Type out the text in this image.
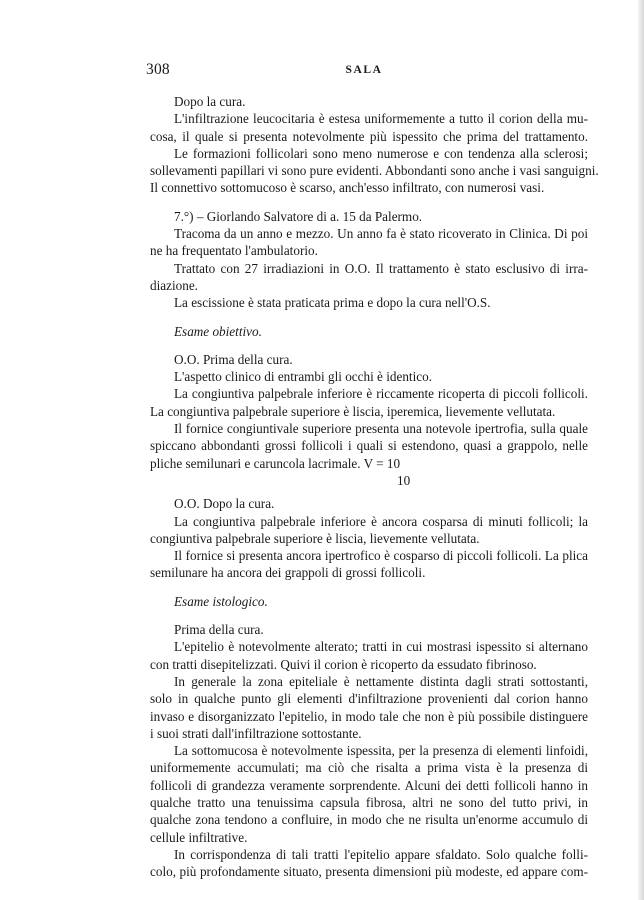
308	SALA
Dopo la cura.
L'infiltrazione leucocitaria è estesa uniformemente a tutto il corion della mu-
cosa, il quale si presenta notevolmente più ispessito che prima del trattamento.
Le formazioni follicolari sono meno numerose e con tendenza alla sclerosi;
sollevamenti papillari vi sono pure evidenti. Abbondanti sono anche i vasi sanguigni.
Il connettivo sottomucoso è scarso, anch'esso infiltrato, con numerosi vasi.
7.°) – Giorlando Salvatore di a. 15 da Palermo.
Tracoma da un anno e mezzo. Un anno fa è stato ricoverato in Clinica. Di poi
ne ha frequentato l'ambulatorio.
Trattato con 27 irradiazioni in O.O. Il trattamento è stato esclusivo di irra-
diazione.
La escissione è stata praticata prima e dopo la cura nell'O.S.
Esame obiettivo.
O.O. Prima della cura.
L'aspetto clinico di entrambi gli occhi è identico.
La congiuntiva palpebrale inferiore è riccamente ricoperta di piccoli follicoli.
La congiuntiva palpebrale superiore è liscia, iperemica, lievemente vellutata.
Il fornice congiuntivale superiore presenta una notevole ipertrofia, sulla quale
spiccano abbondanti grossi follicoli i quali si estendono, quasi a grappolo, nelle
pliche semilunari e caruncola lacrimale. V = 10
10
O.O. Dopo la cura.
La congiuntiva palpebrale inferiore è ancora cosparsa di minuti follicoli; la
congiuntiva palpebrale superiore è liscia, lievemente vellutata.
Il fornice si presenta ancora ipertrofico è cosparso di piccoli follicoli. La plica
semilunare ha ancora dei grappoli di grossi follicoli.
Esame istologico.
Prima della cura.
L'epitelio è notevolmente alterato; tratti in cui mostrasi ispessito si alternano
con tratti disepitelizzati. Quivi il corion è ricoperto da essudato fibrinoso.
In generale la zona epiteliale è nettamente distinta dagli strati sottostanti,
solo in qualche punto gli elementi d'infiltrazione provenienti dal corion hanno
invaso e disorganizzato l'epitelio, in modo tale che non è più possibile distinguere
i suoi strati dall'infiltrazione sottostante.
La sottomucosa è notevolmente ispessita, per la presenza di elementi linfoidi,
uniformemente accumulati; ma ciò che risalta a prima vista è la presenza di
follicoli di grandezza veramente sorprendente. Alcuni dei detti follicoli hanno in
qualche tratto una tenuissima capsula fibrosa, altri ne sono del tutto privi, in
qualche zona tendono a confluire, in modo che ne risulta un'enorme accumulo di
cellule infiltrative.
In corrispondenza di tali tratti l'epitelio appare sfaldato. Solo qualche folli-
colo, più profondamente situato, presenta dimensioni più modeste, ed appare com-
